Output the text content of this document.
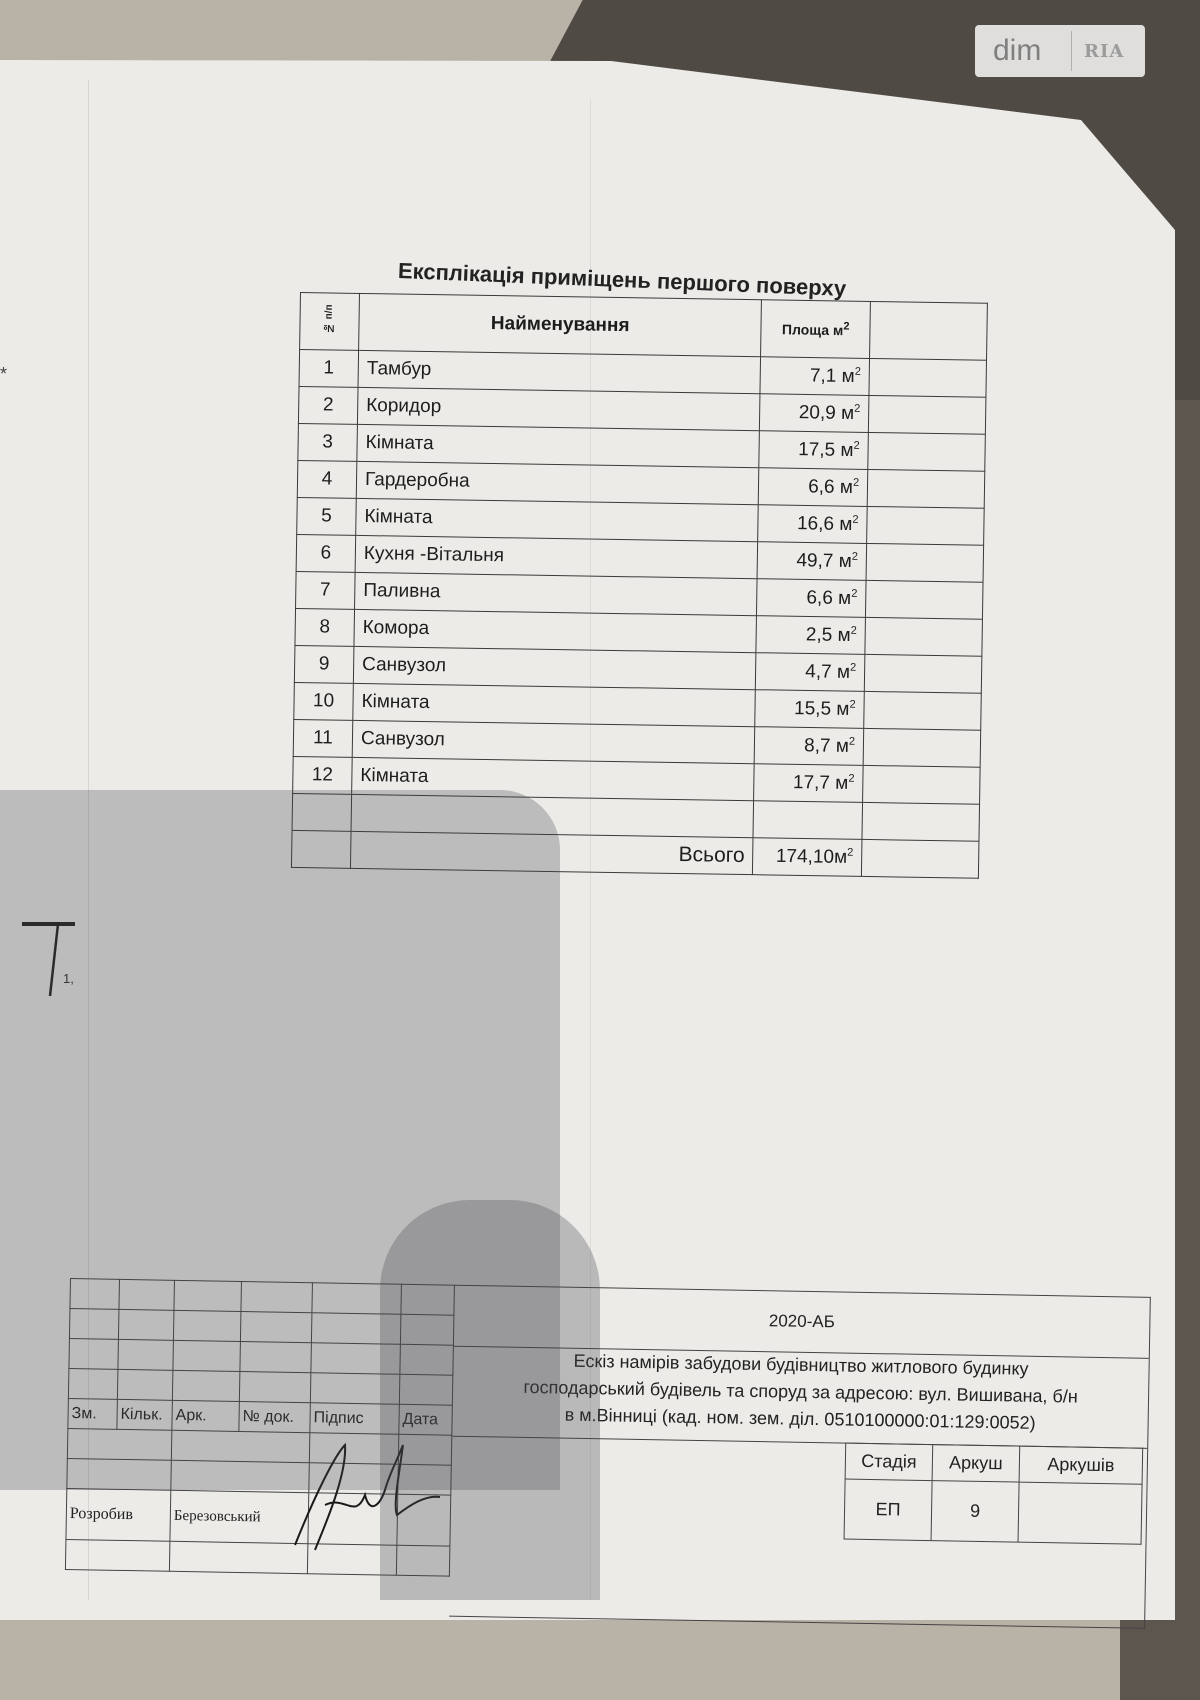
dim	RIA
Експлікація приміщень першого поверху
*
№ п/п	Найменування	Площа $м^2$	
1	Тамбур	7,1 $м^2$	
2	Коридор	20,9 $м^2$	
3	Кімната	17,5 $м^2$	
4	Гардеробна	6,6 $м^2$	
5	Кімната	16,6 $м^2$	
6	Кухня -Вітальня	49,7 $м^2$	
7	Паливна	6,6 $м^2$	
8	Комора	2,5 $м^2$	
9	Санвузол	4,7 $м^2$	
10	Кімната	15,5 $м^2$	
11	Санвузол	8,7 $м^2$	
12	Кімната	17,7 $м^2$	

	Всього	$174,10м^2$	
1,

Зм.	Кільк.	Арк.	№ док.	Підпис	Дата

Розробив		Березовський			

2020-АБ
Ескіз намірів забудови будівництво житлового будинку
господарський будівель та споруд за адресою: вул. Вишивана, б/н
в м.Вінниці (кад. ном. зем. діл. 0510100000:01:129:0052)
Стадія	Аркуш	Аркушів
ЕП	9	
